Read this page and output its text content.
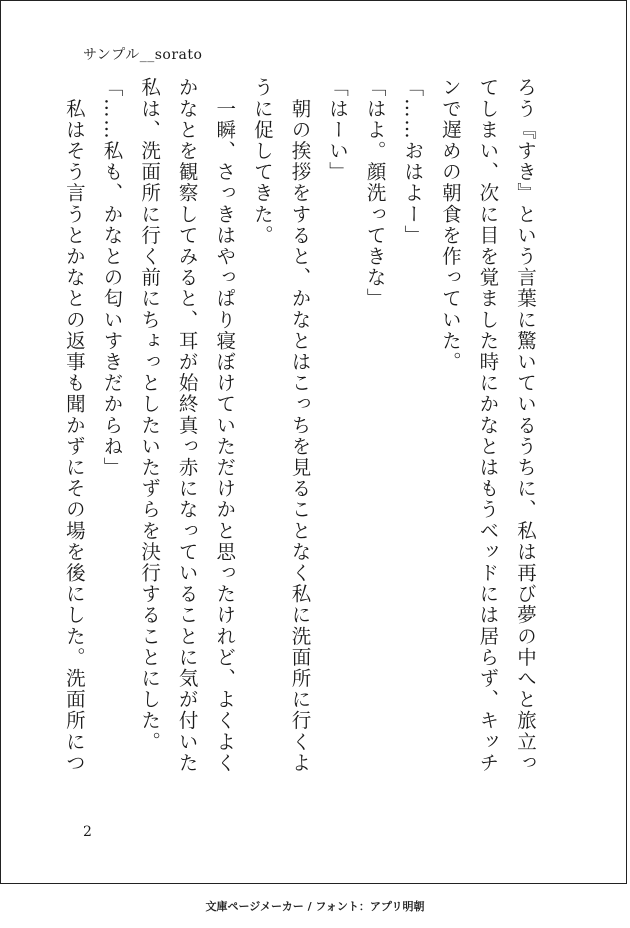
サンプル__sorato
ろう『すき』という言葉に驚いているうちに、私は再び夢の中へと旅立っ
てしまい、次に目を覚ました時にかなとはもうベッドには居らず、キッチ
ンで遅めの朝食を作っていた。
「……おはよー」
「はよ。顔洗ってきな」
「はーい」
　朝の挨拶をすると、かなとはこっちを見ることなく私に洗面所に行くよ
うに促してきた。
　一瞬、さっきはやっぱり寝ぼけていただけかと思ったけれど、よくよく
かなとを観察してみると、耳が始終真っ赤になっていることに気が付いた
私は、洗面所に行く前にちょっとしたいたずらを決行することにした。
「……私も、かなとの匂いすきだからね」
　私はそう言うとかなとの返事も聞かずにその場を後にした。洗面所につ
2
文庫ページメーカー / フォント：アプリ明朝
